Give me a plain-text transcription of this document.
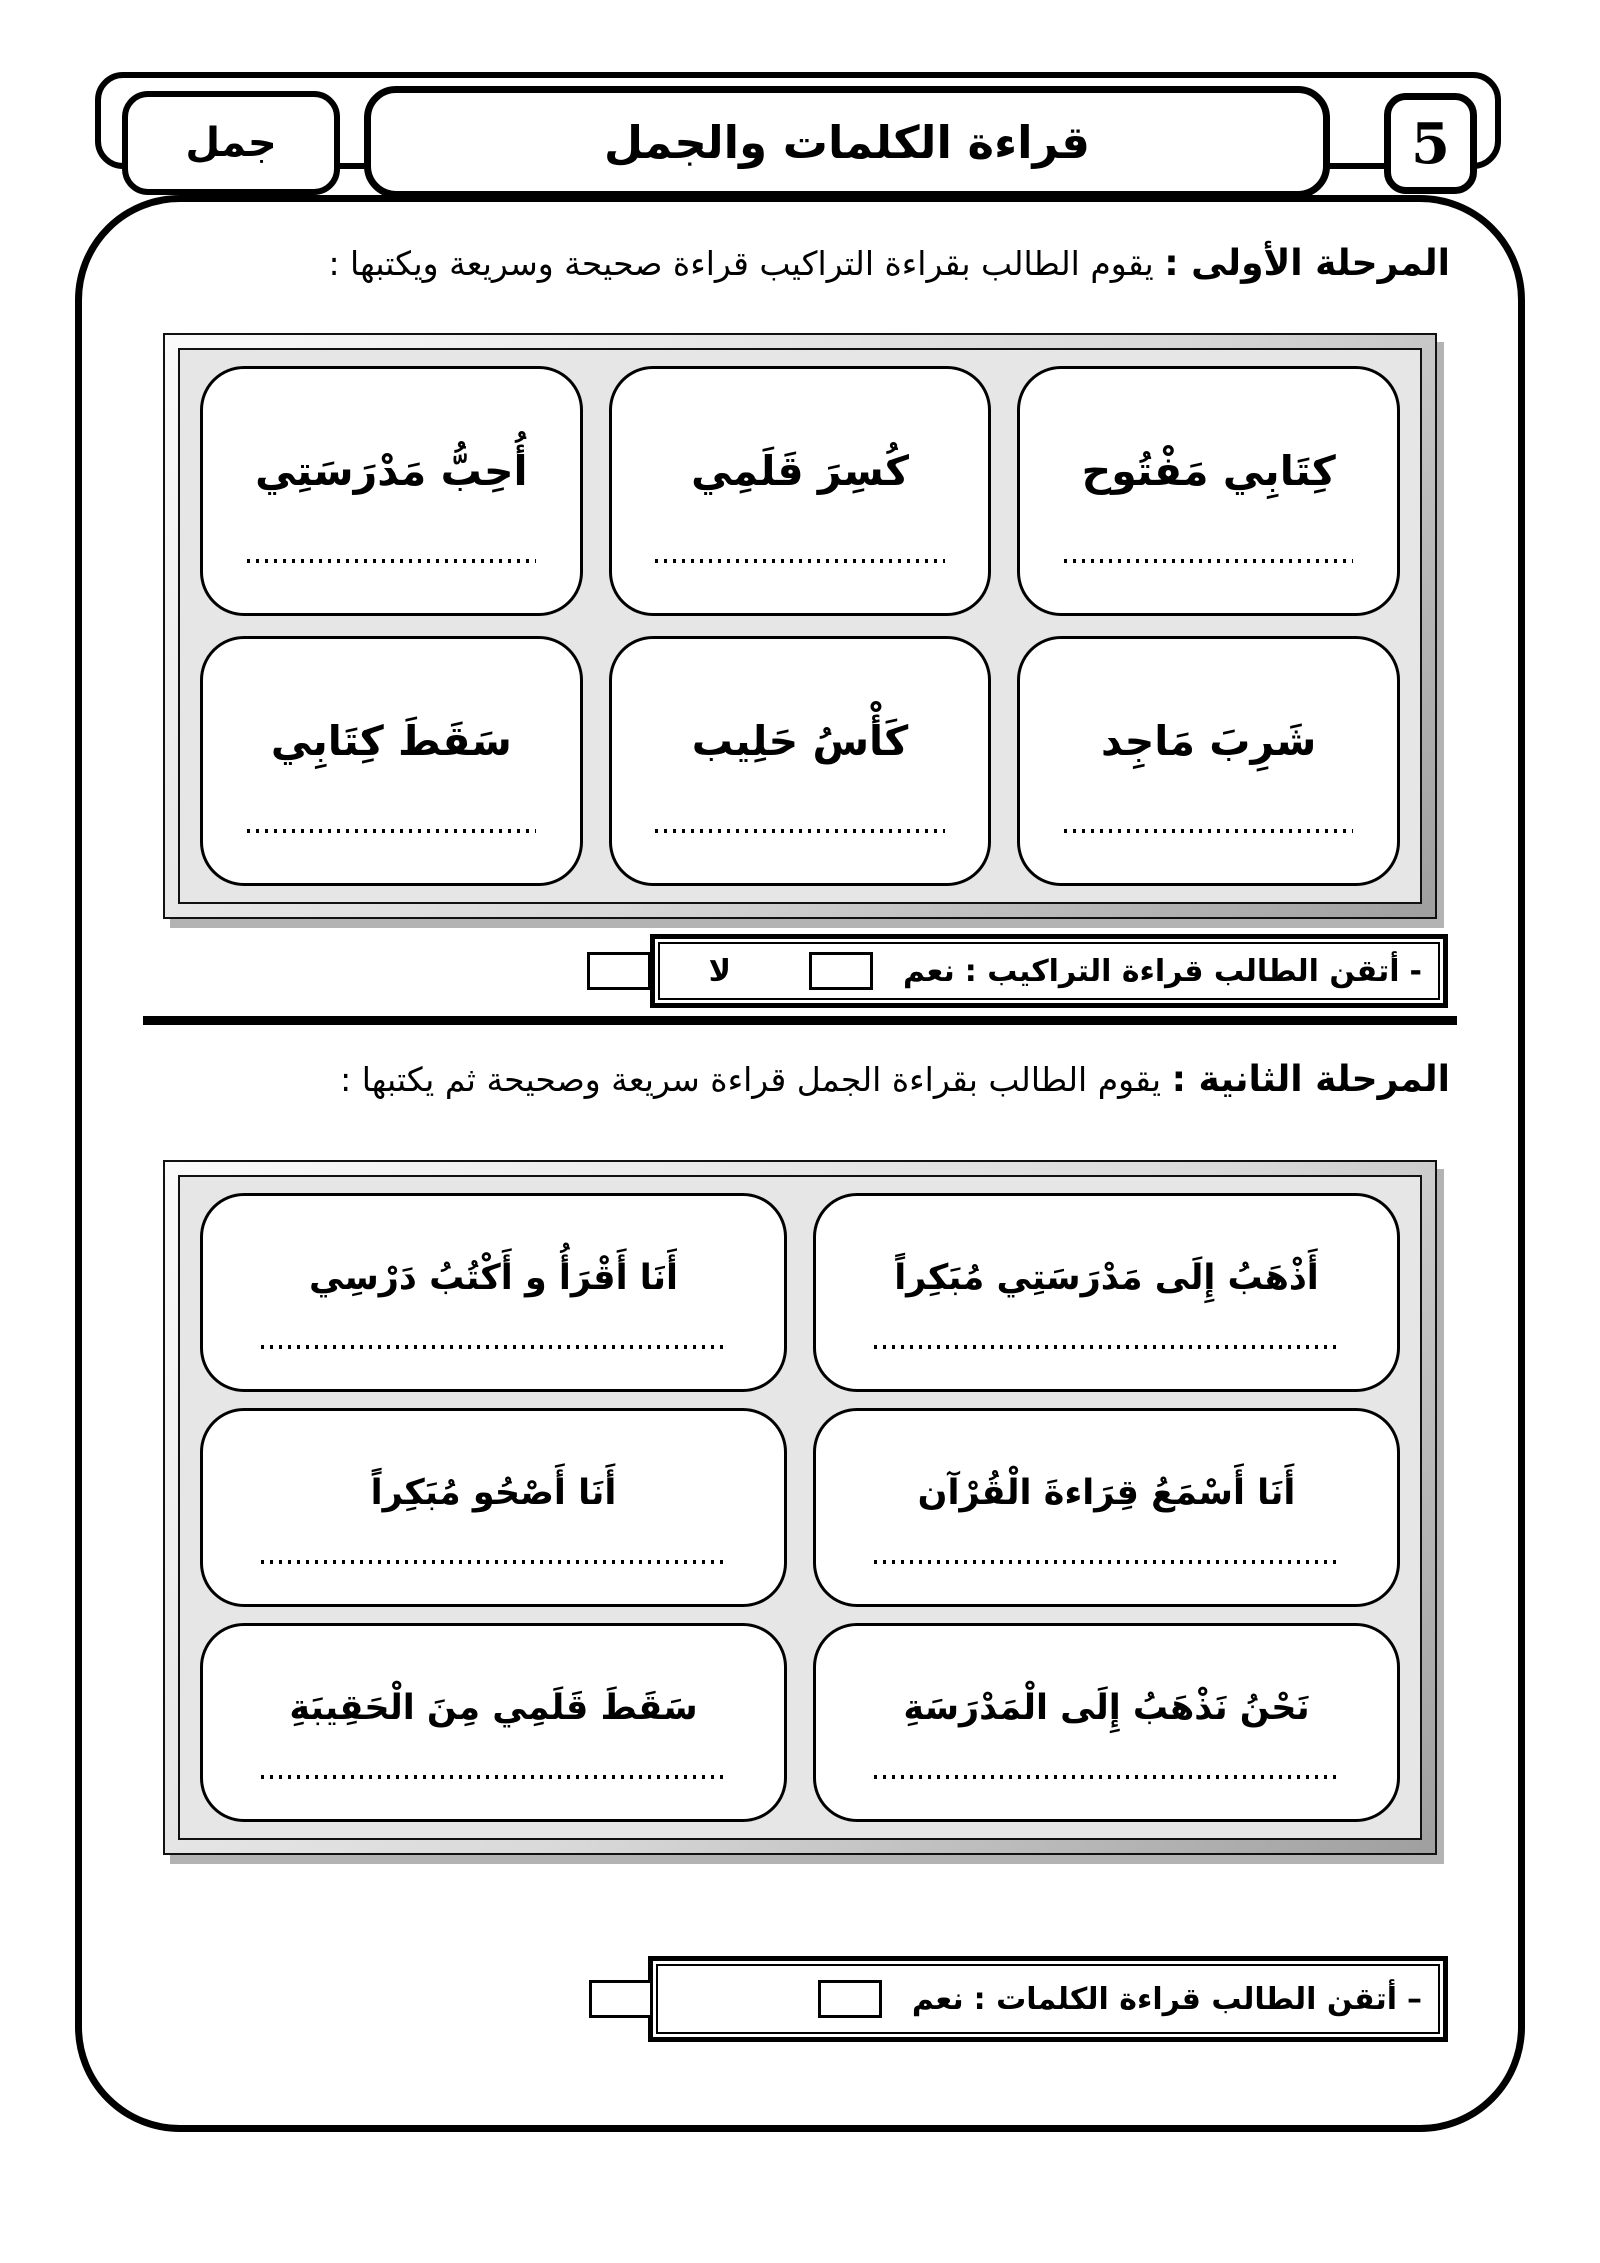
جمل	قراءة الكلمات والجمل	5
المرحلة الأولى : يقوم الطالب بقراءة التراكيب قراءة صحيحة وسريعة ويكتبها :
كِتَابِي مَفْتُوح
كُسِرَ قَلَمِي
أُحِبُّ مَدْرَسَتِي
شَرِبَ مَاجِد
كَأْسُ حَلِيب
سَقَطَ كِتَابِي
-
أتقن الطالب قراءة التراكيب :
نعم
لا
المرحلة الثانية : يقوم الطالب بقراءة الجمل قراءة سريعة وصحيحة ثم يكتبها :
أَذْهَبُ إِلَى مَدْرَسَتِي مُبَكِراً
أَنَا أَقْرَأُ و أَكْتُبُ دَرْسِي
أَنَا أَسْمَعُ قِرَاءةَ الْقُرْآن
أَنَا أَصْحُو مُبَكِراً
نَحْنُ نَذْهَبُ إِلَى الْمَدْرَسَةِ
سَقَطَ قَلَمِي مِنَ الْحَقِيبَةِ
–
أتقن الطالب قراءة الكلمات :
نعم
